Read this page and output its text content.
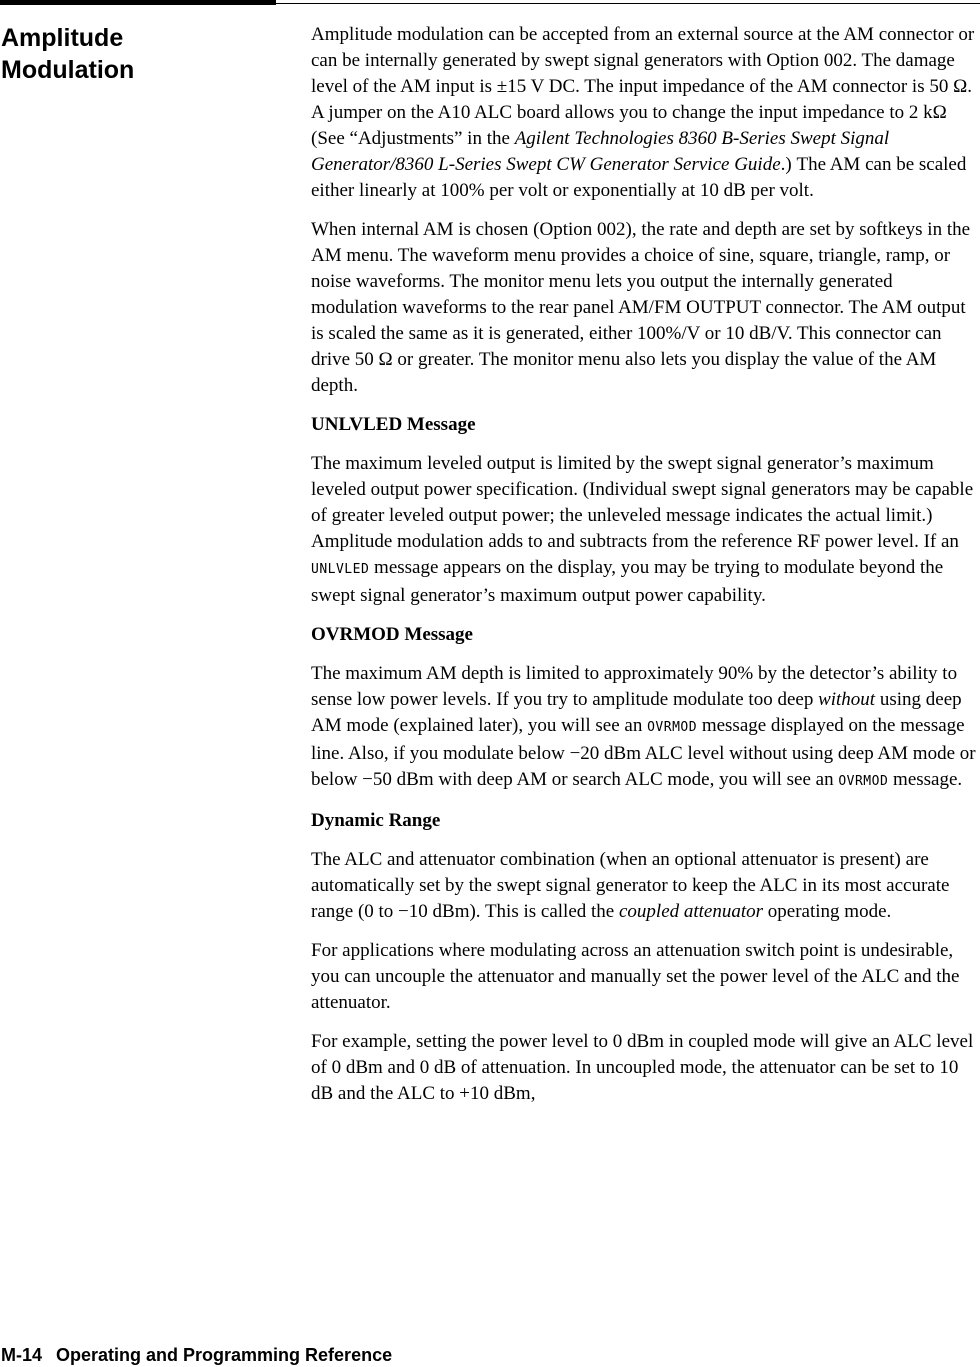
Amplitude
Modulation

Amplitude modulation can be accepted from an external source at the AM connector or can be internally generated by swept signal generators with Option 002. The damage level of the AM input is ±15 V DC. The input impedance of the AM connector is 50 Ω. A jumper on the A10 ALC board allows you to change the input impedance to 2 kΩ (See “Adjustments” in the Agilent Technologies 8360 B-Series Swept Signal Generator/8360 L-Series Swept CW Generator Service Guide.) The AM can be scaled either linearly at 100% per volt or exponentially at 10 dB per volt.

When internal AM is chosen (Option 002), the rate and depth are set by softkeys in the AM menu. The waveform menu provides a choice of sine, square, triangle, ramp, or noise waveforms. The monitor menu lets you output the internally generated modulation waveforms to the rear panel AM/FM OUTPUT connector. The AM output is scaled the same as it is generated, either 100%/V or 10 dB/V. This connector can drive 50 Ω or greater. The monitor menu also lets you display the value of the AM depth.

UNLVLED Message

The maximum leveled output is limited by the swept signal generator’s maximum leveled output power specification. (Individual swept signal generators may be capable of greater leveled output power; the unleveled message indicates the actual limit.) Amplitude modulation adds to and subtracts from the reference RF power level. If an UNLVLED message appears on the display, you may be trying to modulate beyond the swept signal generator’s maximum output power capability.

OVRMOD Message

The maximum AM depth is limited to approximately 90% by the detector’s ability to sense low power levels. If you try to amplitude modulate too deep without using deep AM mode (explained later), you will see an OVRMOD message displayed on the message line. Also, if you modulate below −20 dBm ALC level without using deep AM mode or below −50 dBm with deep AM or search ALC mode, you will see an OVRMOD message.

Dynamic Range

The ALC and attenuator combination (when an optional attenuator is present) are automatically set by the swept signal generator to keep the ALC in its most accurate range (0 to −10 dBm). This is called the coupled attenuator operating mode.

For applications where modulating across an attenuation switch point is undesirable, you can uncouple the attenuator and manually set the power level of the ALC and the attenuator.

For example, setting the power level to 0 dBm in coupled mode will give an ALC level of 0 dBm and 0 dB of attenuation. In uncoupled mode, the attenuator can be set to 10 dB and the ALC to +10 dBm,

M-14 Operating and Programming Reference
